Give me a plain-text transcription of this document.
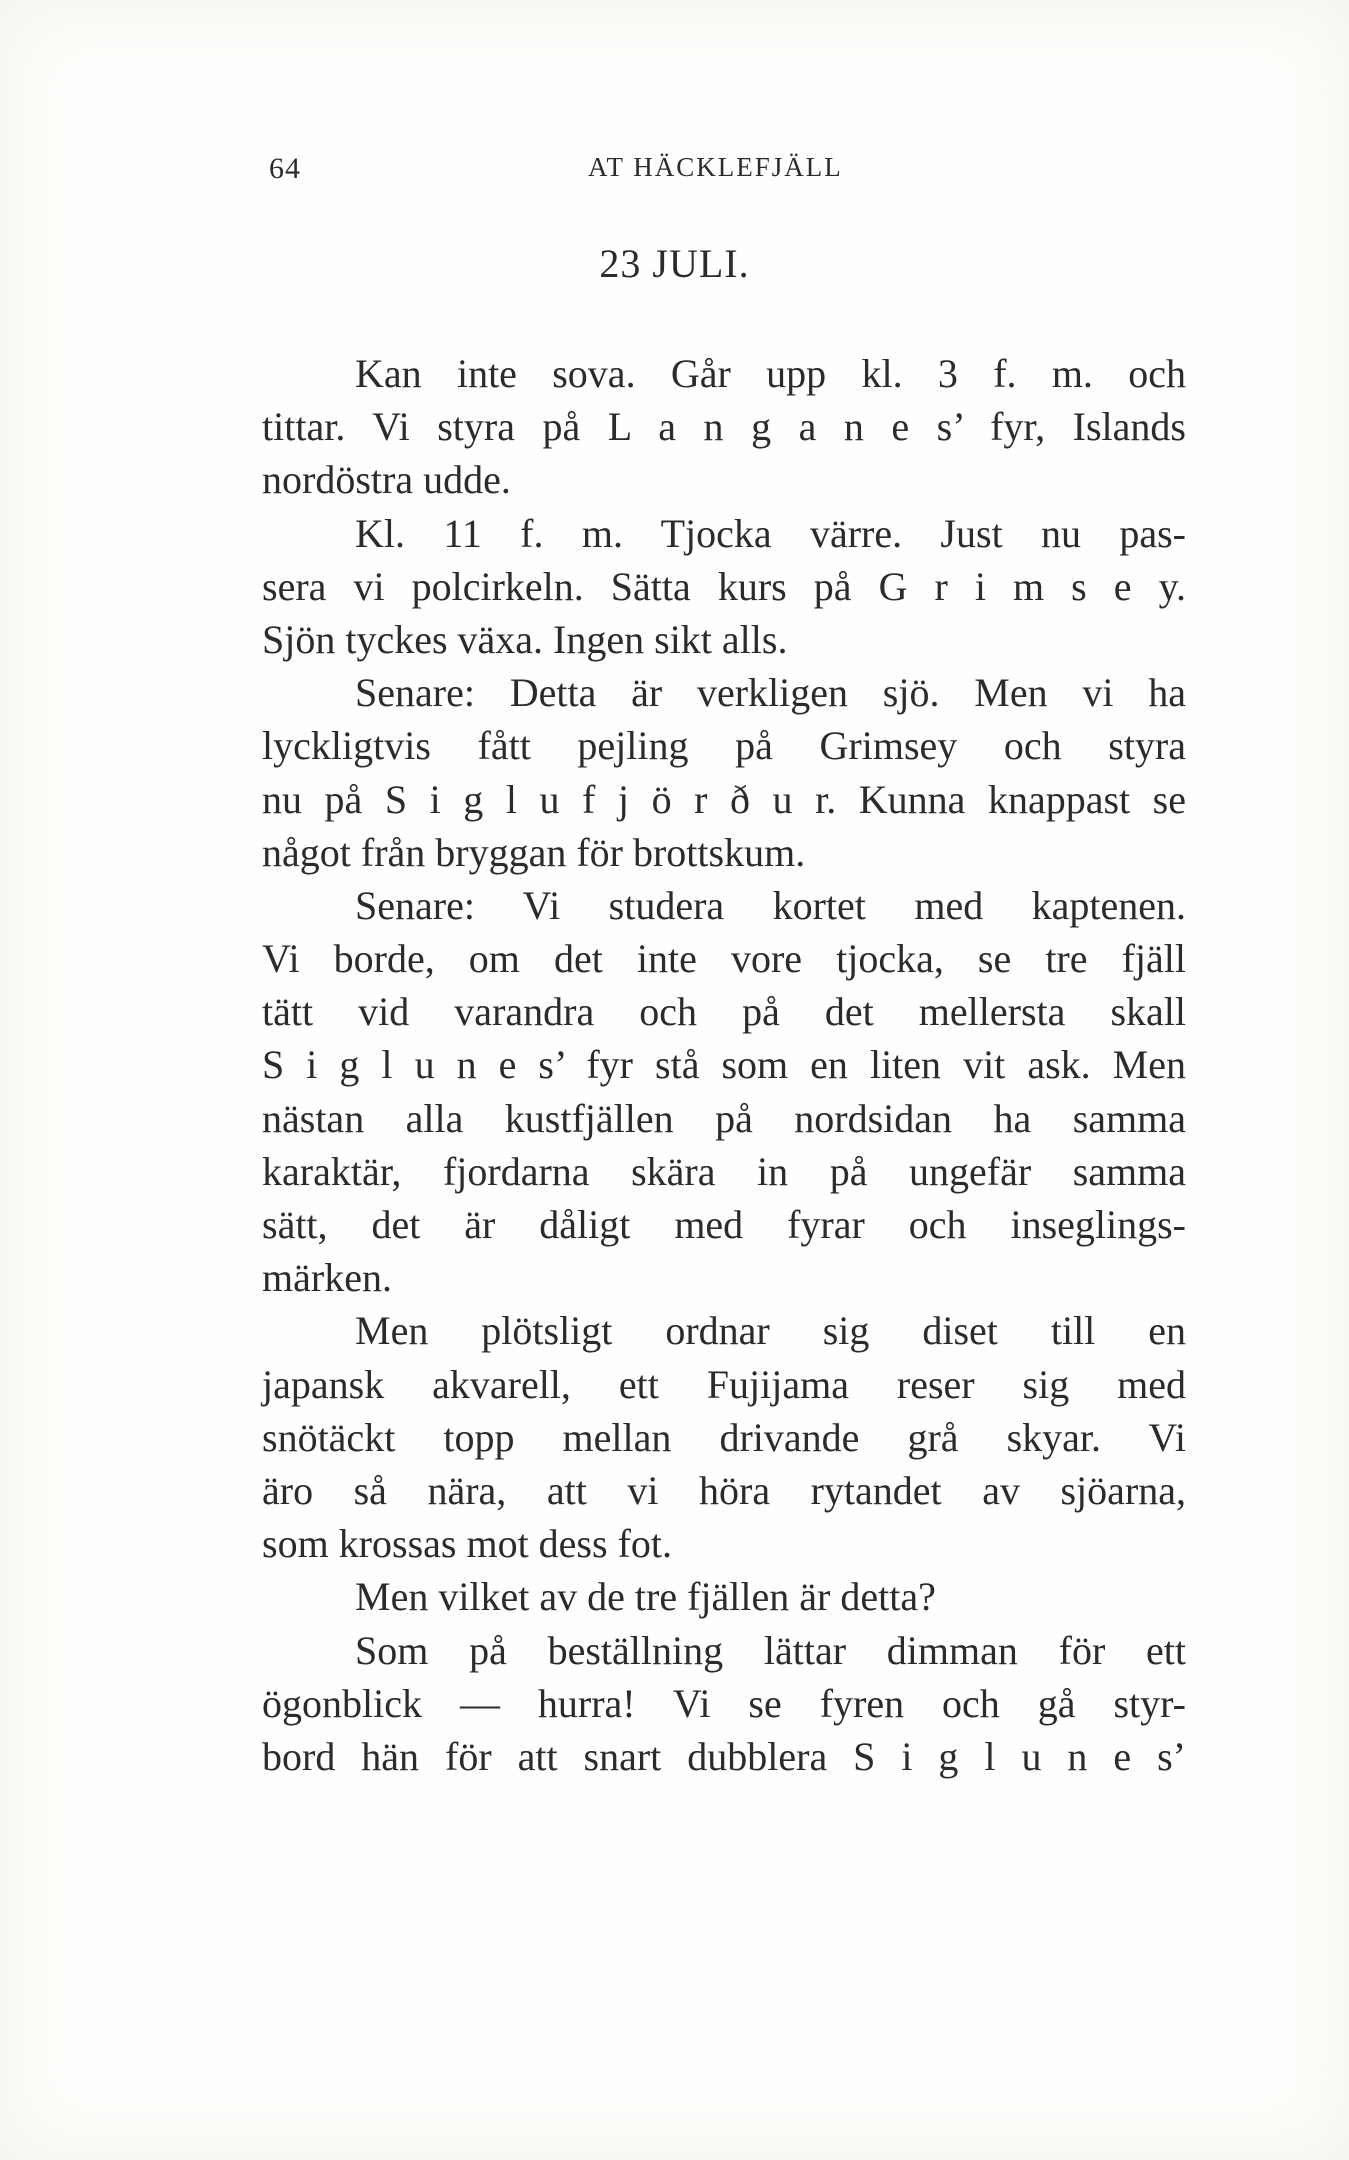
64	AT HÄCKLEFJÄLL
23 JULI.
Kan inte sova. Går upp kl. 3 f. m. och
tittar. Vi styra på L a n g a n e s’ fyr, Islands
nordöstra udde.
Kl. 11 f. m. Tjocka värre. Just nu pas-
sera vi polcirkeln. Sätta kurs på G r i m s e y.
Sjön tyckes växa. Ingen sikt alls.
Senare: Detta är verkligen sjö. Men vi ha
lyckligtvis fått pejling på Grimsey och styra
nu på S i g l u f j ö r ð u r. Kunna knappast se
något från bryggan för brottskum.
Senare: Vi studera kortet med kaptenen.
Vi borde, om det inte vore tjocka, se tre fjäll
tätt vid varandra och på det mellersta skall
S i g l u n e s’ fyr stå som en liten vit ask. Men
nästan alla kustfjällen på nordsidan ha samma
karaktär, fjordarna skära in på ungefär samma
sätt, det är dåligt med fyrar och inseglings-
märken.
Men plötsligt ordnar sig diset till en
japansk akvarell, ett Fujijama reser sig med
snötäckt topp mellan drivande grå skyar. Vi
äro så nära, att vi höra rytandet av sjöarna,
som krossas mot dess fot.
Men vilket av de tre fjällen är detta?
Som på beställning lättar dimman för ett
ögonblick — hurra! Vi se fyren och gå styr-
bord hän för att snart dubblera S i g l u n e s’
